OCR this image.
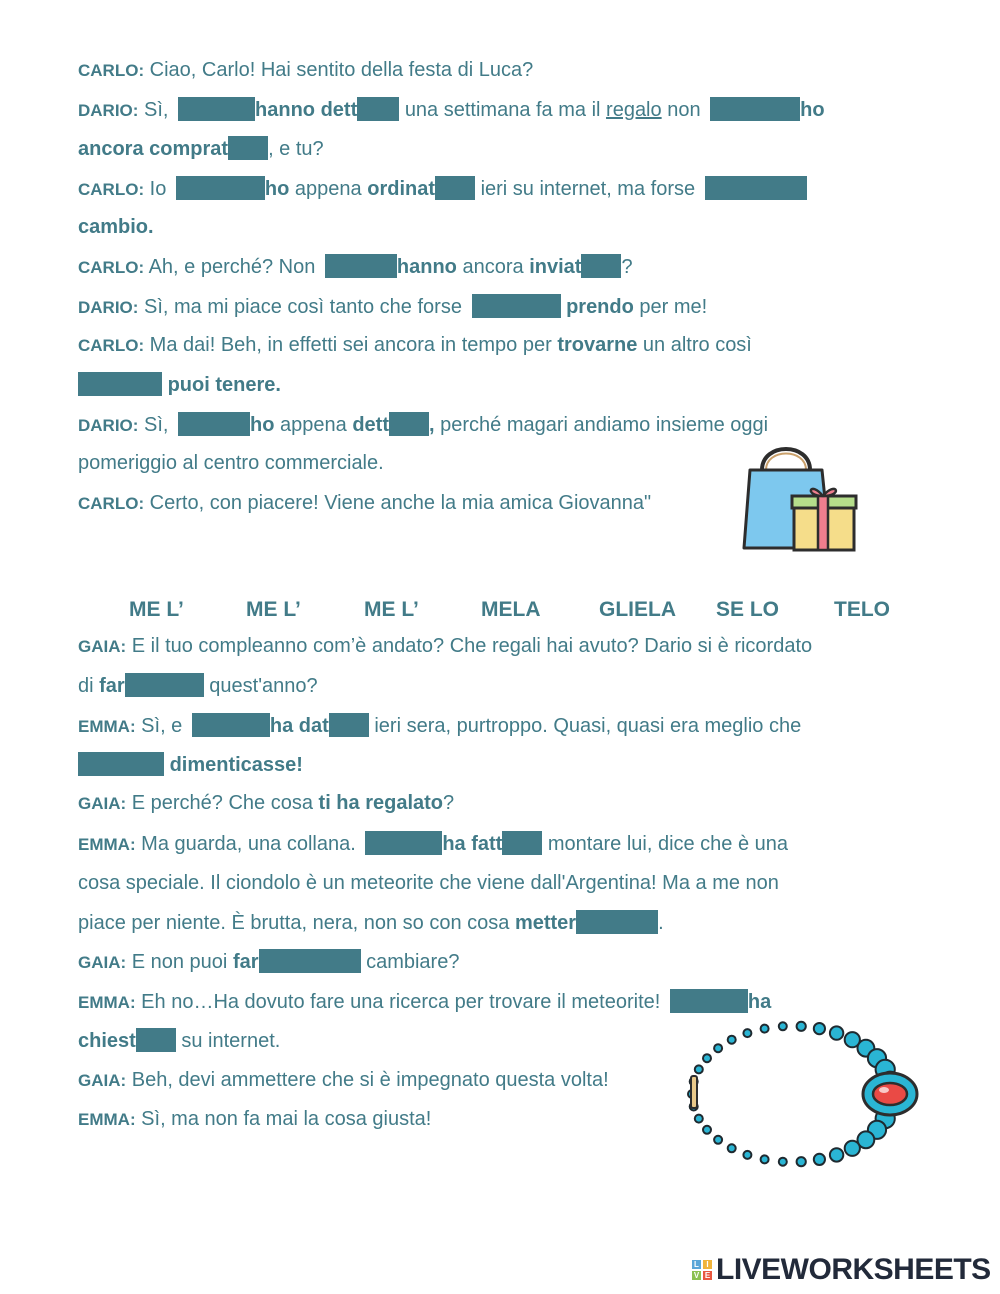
CARLO: Ciao, Carlo! Hai sentito della festa di Luca?
DARIO: Sì,	hanno dett una settimana fa ma il regalo non	ho
ancora comprat , e tu?
CARLO: Io	ho appena ordinat ieri su internet, ma forse
cambio.
CARLO: Ah, e perché? Non	hanno ancora inviat ?
DARIO: Sì, ma mi piace così tanto che forse	prendo per me!
CARLO: Ma dai! Beh, in effetti sei ancora in tempo per trovarne un altro così
puoi tenere.
DARIO: Sì,	ho appena dett , perché magari andiamo insieme oggi
pomeriggio al centro commerciale.
CARLO: Certo, con piacere! Viene anche la mia amica Giovanna"
ME L’	ME L’	ME L’	MELA	GLIELA SE LO	TELO
GAIA: E il tuo compleanno com’è andato? Che regali hai avuto? Dario si è ricordato
di far	quest'anno?
EMMA: Sì, e	ha dat ieri sera, purtroppo. Quasi, quasi era meglio che
dimenticasse!
GAIA: E perché? Che cosa ti ha regalato?
EMMA: Ma guarda, una collana.	ha fatt montare lui, dice che è una
cosa speciale. Il ciondolo è un meteorite che viene dall'Argentina! Ma a me non
piace per niente. È brutta, nera, non so con cosa metter	.
GAIA: E non puoi far	cambiare?
EMMA: Eh no…Ha dovuto fare una ricerca per trovare il meteorite!	ha
chiest su internet.
GAIA: Beh, devi ammettere che si è impegnato questa volta!
EMMA: Sì, ma non fa mai la cosa giusta!
L I
V E LIVEWORKSHEETS
